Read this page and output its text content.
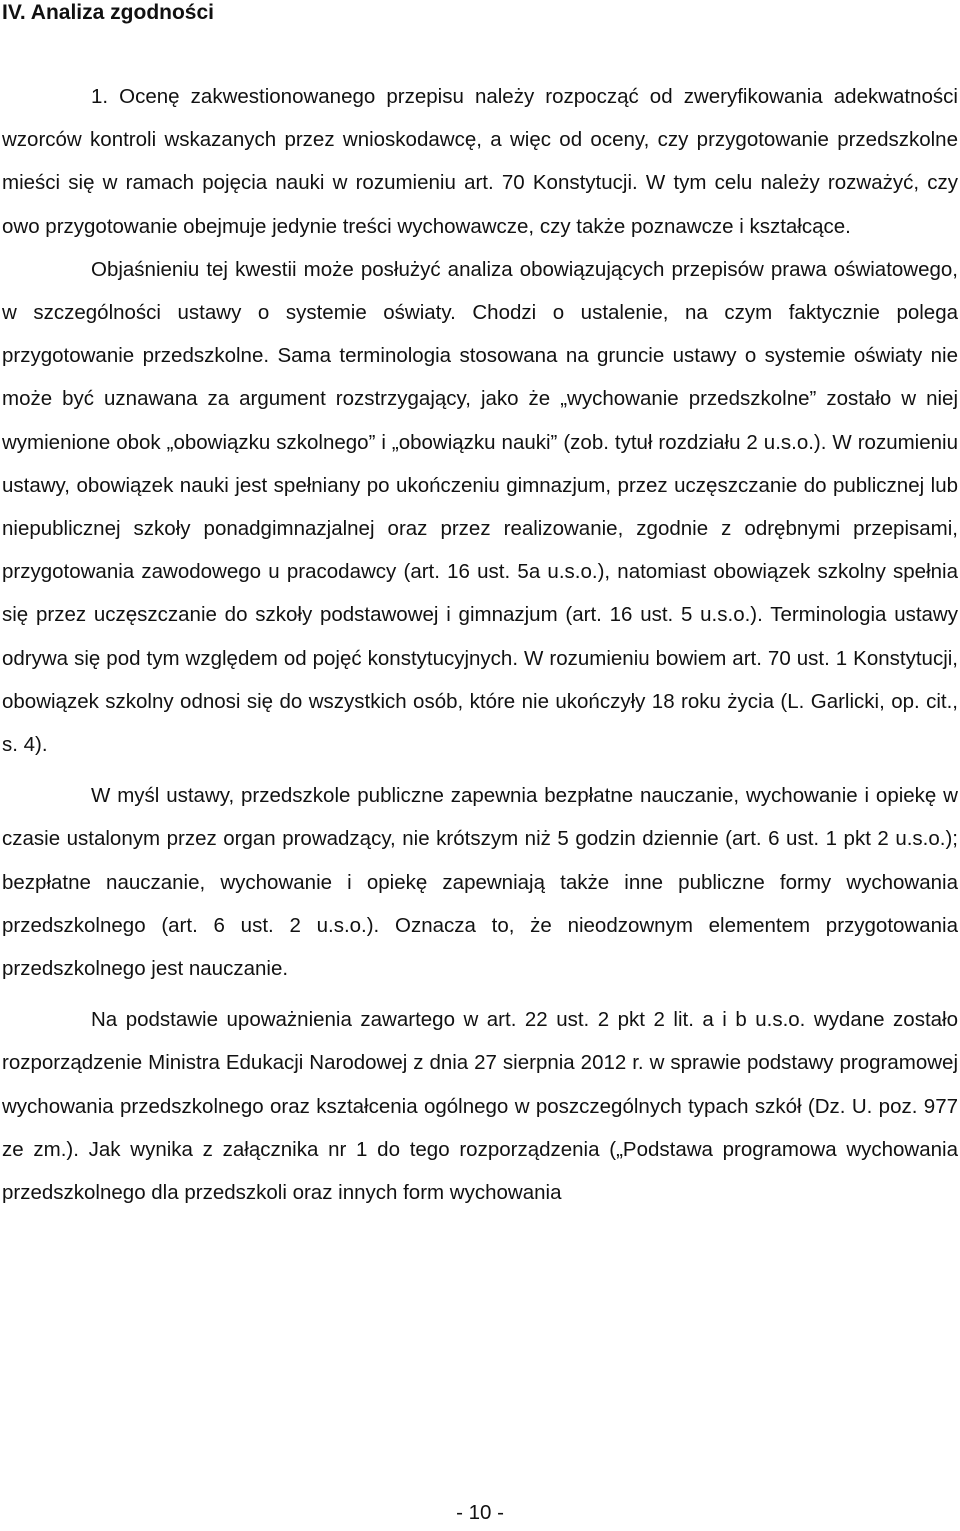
IV. Analiza zgodności

1. Ocenę zakwestionowanego przepisu należy rozpocząć od zweryfikowania adekwatności wzorców kontroli wskazanych przez wnioskodawcę, a więc od oceny, czy przygotowanie przedszkolne mieści się w ramach pojęcia nauki w rozumieniu art. 70 Konstytucji. W tym celu należy rozważyć, czy owo przygotowanie obejmuje jedynie treści wychowawcze, czy także poznawcze i kształcące.

Objaśnieniu tej kwestii może posłużyć analiza obowiązujących przepisów prawa oświatowego, w szczególności ustawy o systemie oświaty. Chodzi o ustalenie, na czym faktycznie polega przygotowanie przedszkolne. Sama terminologia stosowana na gruncie ustawy o systemie oświaty nie może być uznawana za argument rozstrzygający, jako że „wychowanie przedszkolne” zostało w niej wymienione obok „obowiązku szkolnego” i „obowiązku nauki” (zob. tytuł rozdziału 2 u.s.o.). W rozumieniu ustawy, obowiązek nauki jest spełniany po ukończeniu gimnazjum, przez uczęszczanie do publicznej lub niepublicznej szkoły ponadgimnazjalnej oraz przez realizowanie, zgodnie z odrębnymi przepisami, przygotowania zawodowego u pracodawcy (art. 16 ust. 5a u.s.o.), natomiast obowiązek szkolny spełnia się przez uczęszczanie do szkoły podstawowej i gimnazjum (art. 16 ust. 5 u.s.o.). Terminologia ustawy odrywa się pod tym względem od pojęć konstytucyjnych. W rozumieniu bowiem art. 70 ust. 1 Konstytucji, obowiązek szkolny odnosi się do wszystkich osób, które nie ukończyły 18 roku życia (L. Garlicki, op. cit., s. 4).

W myśl ustawy, przedszkole publiczne zapewnia bezpłatne nauczanie, wychowanie i opiekę w czasie ustalonym przez organ prowadzący, nie krótszym niż 5 godzin dziennie (art. 6 ust. 1 pkt 2 u.s.o.); bezpłatne nauczanie, wychowanie i opiekę zapewniają także inne publiczne formy wychowania przedszkolnego (art. 6 ust. 2 u.s.o.). Oznacza to, że nieodzownym elementem przygotowania przedszkolnego jest nauczanie.

Na podstawie upoważnienia zawartego w art. 22 ust. 2 pkt 2 lit. a i b u.s.o. wydane zostało rozporządzenie Ministra Edukacji Narodowej z dnia 27 sierpnia 2012 r. w sprawie podstawy programowej wychowania przedszkolnego oraz kształcenia ogólnego w poszczególnych typach szkół (Dz. U. poz. 977 ze zm.). Jak wynika z załącznika nr 1 do tego rozporządzenia („Podstawa programowa wychowania przedszkolnego dla przedszkoli oraz innych form wychowania

- 10 -
